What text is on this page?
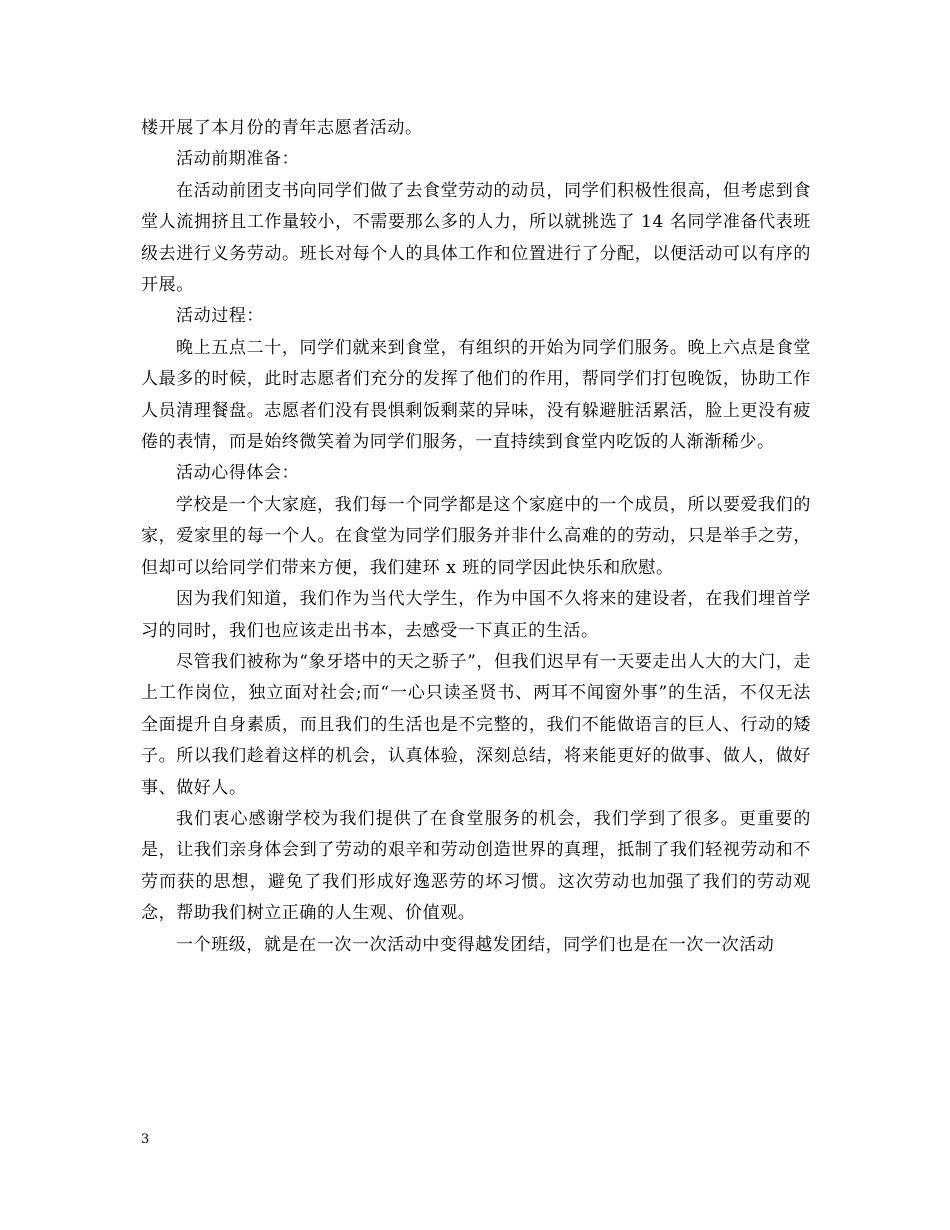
楼开展了本月份的青年志愿者活动。

活动前期准备：

在活动前团支书向同学们做了去食堂劳动的动员，同学们积极性很高，但考虑到食堂人流拥挤且工作量较小，不需要那么多的人力，所以就挑选了 14 名同学准备代表班级去进行义务劳动。班长对每个人的具体工作和位置进行了分配，以便活动可以有序的开展。

活动过程：

晚上五点二十，同学们就来到食堂，有组织的开始为同学们服务。晚上六点是食堂人最多的时候，此时志愿者们充分的发挥了他们的作用，帮同学们打包晚饭，协助工作人员清理餐盘。志愿者们没有畏惧剩饭剩菜的异味，没有躲避脏活累活，脸上更没有疲倦的表情，而是始终微笑着为同学们服务，一直持续到食堂内吃饭的人渐渐稀少。

活动心得体会：

学校是一个大家庭，我们每一个同学都是这个家庭中的一个成员，所以要爱我们的家，爱家里的每一个人。在食堂为同学们服务并非什么高难的的劳动，只是举手之劳，但却可以给同学们带来方便，我们建环 x 班的同学因此快乐和欣慰。

因为我们知道，我们作为当代大学生，作为中国不久将来的建设者，在我们埋首学习的同时，我们也应该走出书本，去感受一下真正的生活。

尽管我们被称为“象牙塔中的天之骄子”，但我们迟早有一天要走出人大的大门，走上工作岗位，独立面对社会;而“一心只读圣贤书、两耳不闻窗外事”的生活，不仅无法全面提升自身素质，而且我们的生活也是不完整的，我们不能做语言的巨人、行动的矮子。所以我们趁着这样的机会，认真体验，深刻总结，将来能更好的做事、做人，做好事、做好人。

我们衷心感谢学校为我们提供了在食堂服务的机会，我们学到了很多。更重要的是，让我们亲身体会到了劳动的艰辛和劳动创造世界的真理，抵制了我们轻视劳动和不劳而获的思想，避免了我们形成好逸恶劳的坏习惯。这次劳动也加强了我们的劳动观念，帮助我们树立正确的人生观、价值观。

一个班级，就是在一次一次活动中变得越发团结，同学们也是在一次一次活动

3
